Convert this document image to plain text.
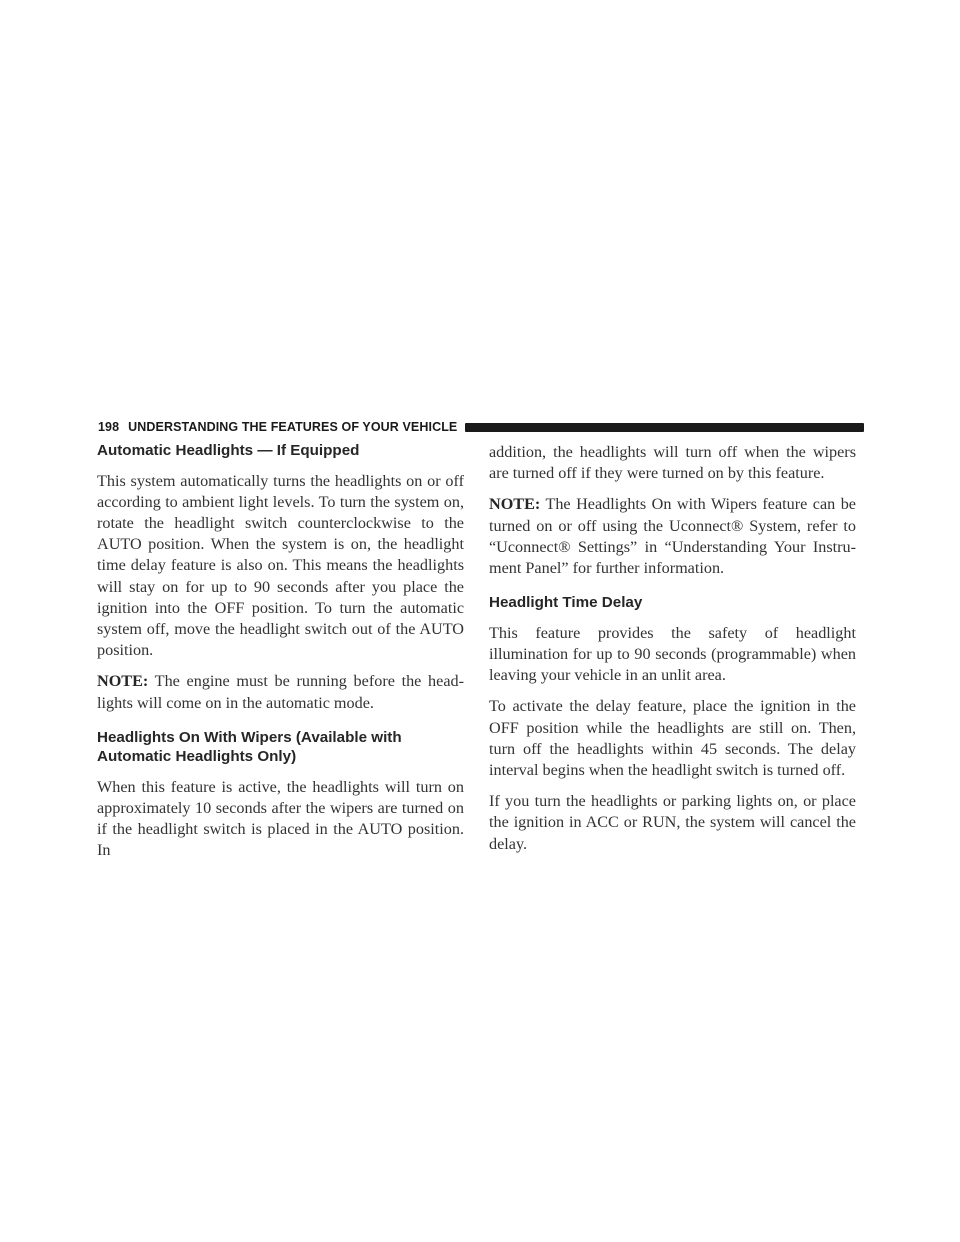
198 UNDERSTANDING THE FEATURES OF YOUR VEHICLE
Automatic Headlights — If Equipped

This system automatically turns the headlights on or off according to ambient light levels. To turn the system on, rotate the headlight switch counterclockwise to the AUTO position. When the system is on, the headlight time delay feature is also on. This means the headlights will stay on for up to 90 seconds after you place the ignition into the OFF position. To turn the automatic system off, move the headlight switch out of the AUTO position.

NOTE: The engine must be running before the head-lights will come on in the automatic mode.

Headlights On With Wipers (Available with Automatic Headlights Only)

When this feature is active, the headlights will turn on approximately 10 seconds after the wipers are turned on if the headlight switch is placed in the AUTO position. In

addition, the headlights will turn off when the wipers are turned off if they were turned on by this feature.

NOTE: The Headlights On with Wipers feature can be turned on or off using the Uconnect® System, refer to “Uconnect® Settings” in “Understanding Your Instru-ment Panel” for further information.

Headlight Time Delay

This feature provides the safety of headlight illumination for up to 90 seconds (programmable) when leaving your vehicle in an unlit area.

To activate the delay feature, place the ignition in the OFF position while the headlights are still on. Then, turn off the headlights within 45 seconds. The delay interval begins when the headlight switch is turned off.

If you turn the headlights or parking lights on, or place the ignition in ACC or RUN, the system will cancel the delay.
